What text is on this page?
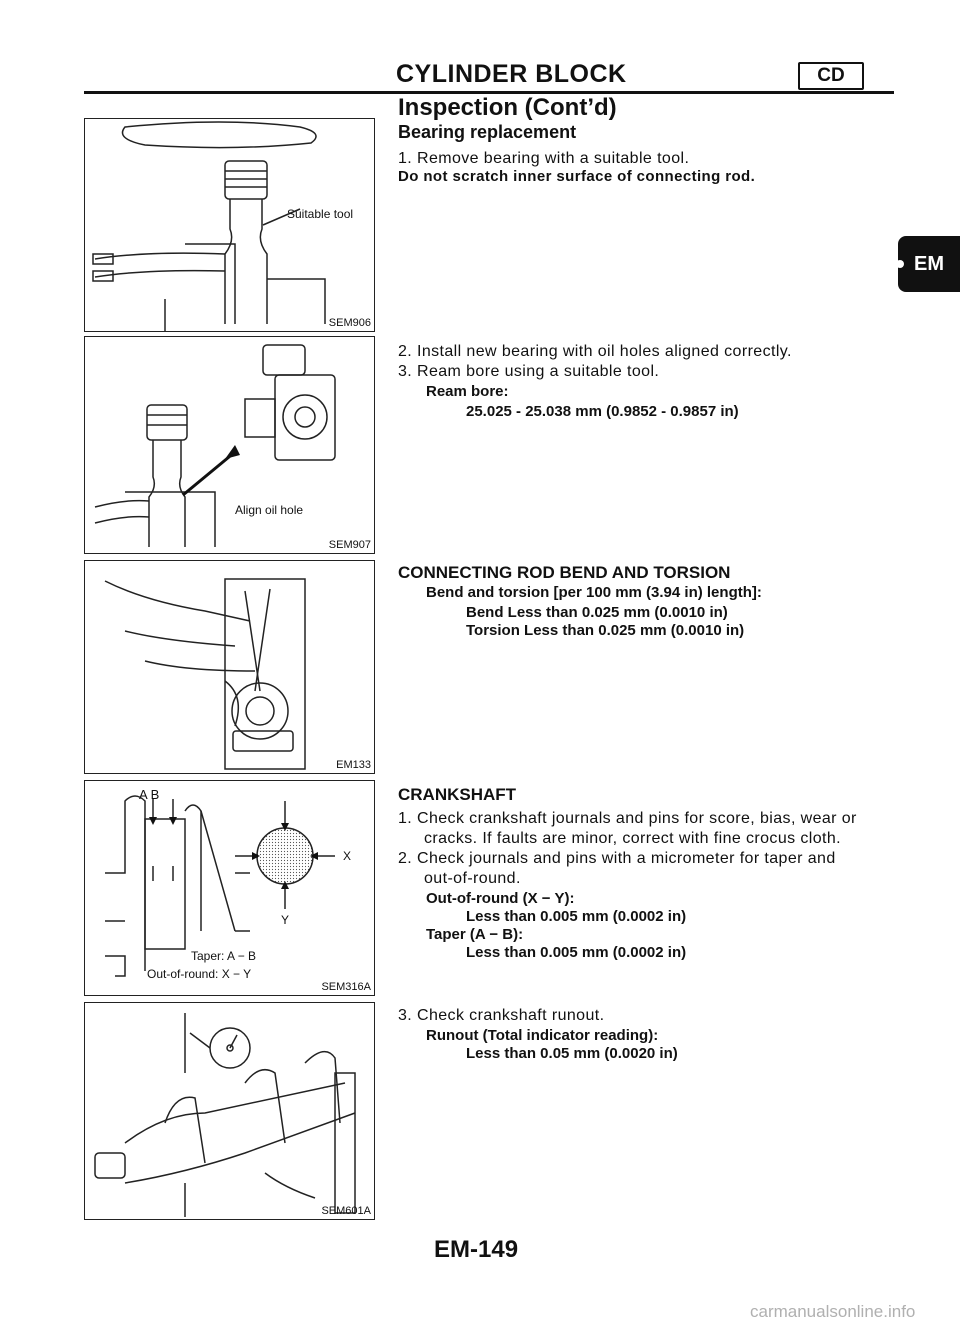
CYLINDER BLOCK	CD
EM
Inspection (Cont’d)
Bearing replacement
1. Remove bearing with a suitable tool.
Do not scratch inner surface of connecting rod.
2. Install new bearing with oil holes aligned correctly.
3. Ream bore using a suitable tool.
Ream bore:
25.025 - 25.038 mm (0.9852 - 0.9857 in)
CONNECTING ROD BEND AND TORSION
Bend and torsion [per 100 mm (3.94 in) length]:
Bend Less than 0.025 mm (0.0010 in)
Torsion Less than 0.025 mm (0.0010 in)
CRANKSHAFT
1. Check crankshaft journals and pins for score, bias, wear or
cracks. If faults are minor, correct with fine crocus cloth.
2. Check journals and pins with a micrometer for taper and
out-of-round.
Out-of-round (X − Y):
Less than 0.005 mm (0.0002 in)
Taper (A − B):
Less than 0.005 mm (0.0002 in)
3. Check crankshaft runout.
Runout (Total indicator reading):
Less than 0.05 mm (0.0020 in)
Suitable tool
SEM906
Align oil hole
SEM907
EM133
A B
X
Y
Taper: A − B
Out-of-round: X − Y
SEM316A
SEM601A
EM-149
carmanualsonline.info
